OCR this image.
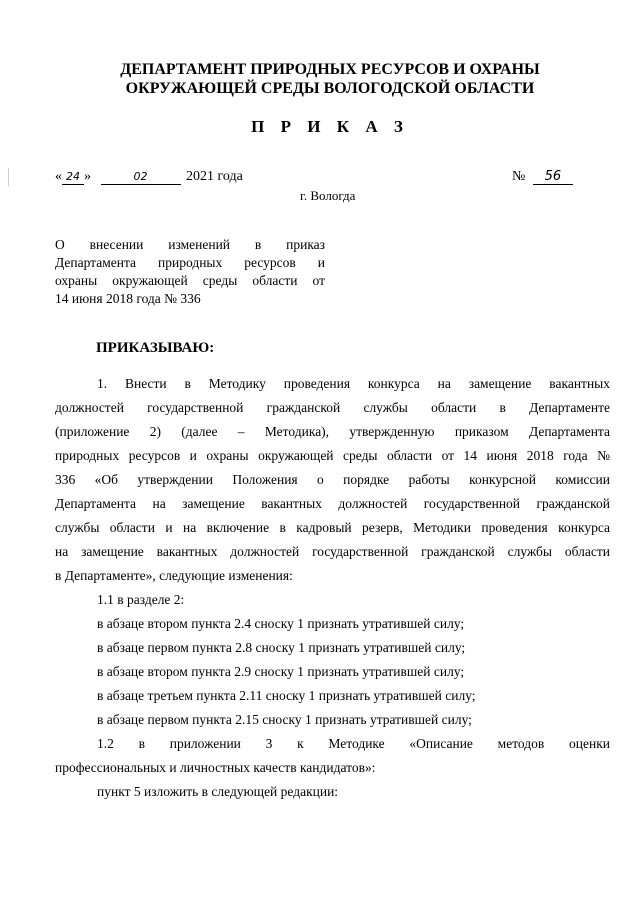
ДЕПАРТАМЕНТ ПРИРОДНЫХ РЕСУРСОВ И ОХРАНЫ
ОКРУЖАЮЩЕЙ СРЕДЫ ВОЛОГОДСКОЙ ОБЛАСТИ
П Р И К А З
« 24 »	02	2021 года	№ 56
г. Вологда
О внесении изменений в приказ
Департамента природных ресурсов и
охраны окружающей среды области от
14 июня 2018 года № 336
ПРИКАЗЫВАЮ:
1. Внести в Методику проведения конкурса на замещение вакантных
должностей государственной гражданской службы области в Департаменте
(приложение 2) (далее – Методика), утвержденную приказом Департамента
природных ресурсов и охраны окружающей среды области от 14 июня 2018 года №
336 «Об утверждении Положения о порядке работы конкурсной комиссии
Департамента на замещение вакантных должностей государственной гражданской
службы области и на включение в кадровый резерв, Методики проведения конкурса
на замещение вакантных должностей государственной гражданской службы области
в Департаменте», следующие изменения:
1.1 в разделе 2:
в абзаце втором пункта 2.4 сноску 1 признать утратившей силу;
в абзаце первом пункта 2.8 сноску 1 признать утратившей силу;
в абзаце втором пункта 2.9 сноску 1 признать утратившей силу;
в абзаце третьем пункта 2.11 сноску 1 признать утратившей силу;
в абзаце первом пункта 2.15 сноску 1 признать утратившей силу;
1.2 в приложении 3 к Методике «Описание методов оценки
профессиональных и личностных качеств кандидатов»:
пункт 5 изложить в следующей редакции:
